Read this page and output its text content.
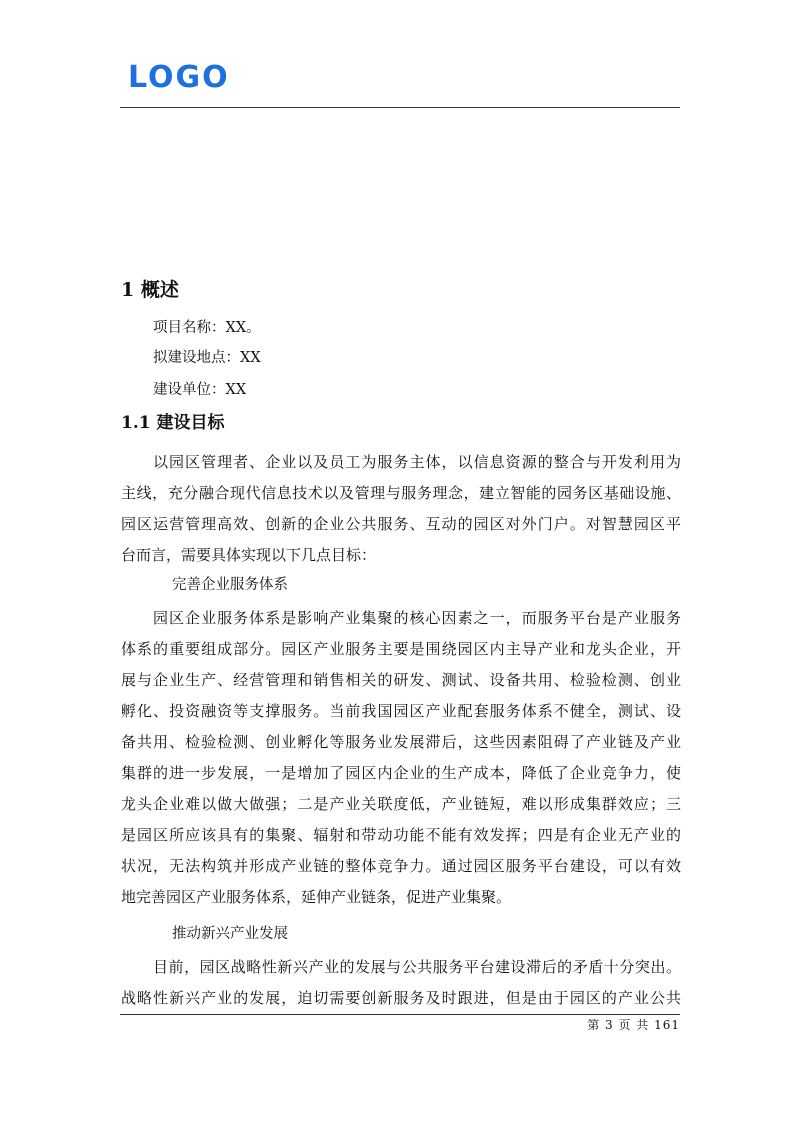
LOGO
1 概述
项目名称：XX。
拟建设地点：XX
建设单位：XX
1.1 建设目标
以园区管理者、企业以及员工为服务主体，以信息资源的整合与开发利用为
主线，充分融合现代信息技术以及管理与服务理念，建立智能的园务区基础设施、
园区运营管理高效、创新的企业公共服务、互动的园区对外门户。对智慧园区平
台而言，需要具体实现以下几点目标：
完善企业服务体系
园区企业服务体系是影响产业集聚的核心因素之一，而服务平台是产业服务
体系的重要组成部分。园区产业服务主要是围绕园区内主导产业和龙头企业，开
展与企业生产、经营管理和销售相关的研发、测试、设备共用、检验检测、创业
孵化、投资融资等支撑服务。当前我国园区产业配套服务体系不健全，测试、设
备共用、检验检测、创业孵化等服务业发展滞后，这些因素阻碍了产业链及产业
集群的进一步发展，一是增加了园区内企业的生产成本，降低了企业竞争力，使
龙头企业难以做大做强；二是产业关联度低，产业链短，难以形成集群效应；三
是园区所应该具有的集聚、辐射和带动功能不能有效发挥；四是有企业无产业的
状况，无法构筑并形成产业链的整体竞争力。通过园区服务平台建设，可以有效
地完善园区产业服务体系，延伸产业链条，促进产业集聚。
推动新兴产业发展
目前，园区战略性新兴产业的发展与公共服务平台建设滞后的矛盾十分突出。
战略性新兴产业的发展，迫切需要创新服务及时跟进，但是由于园区的产业公共
第 3 页 共 161
